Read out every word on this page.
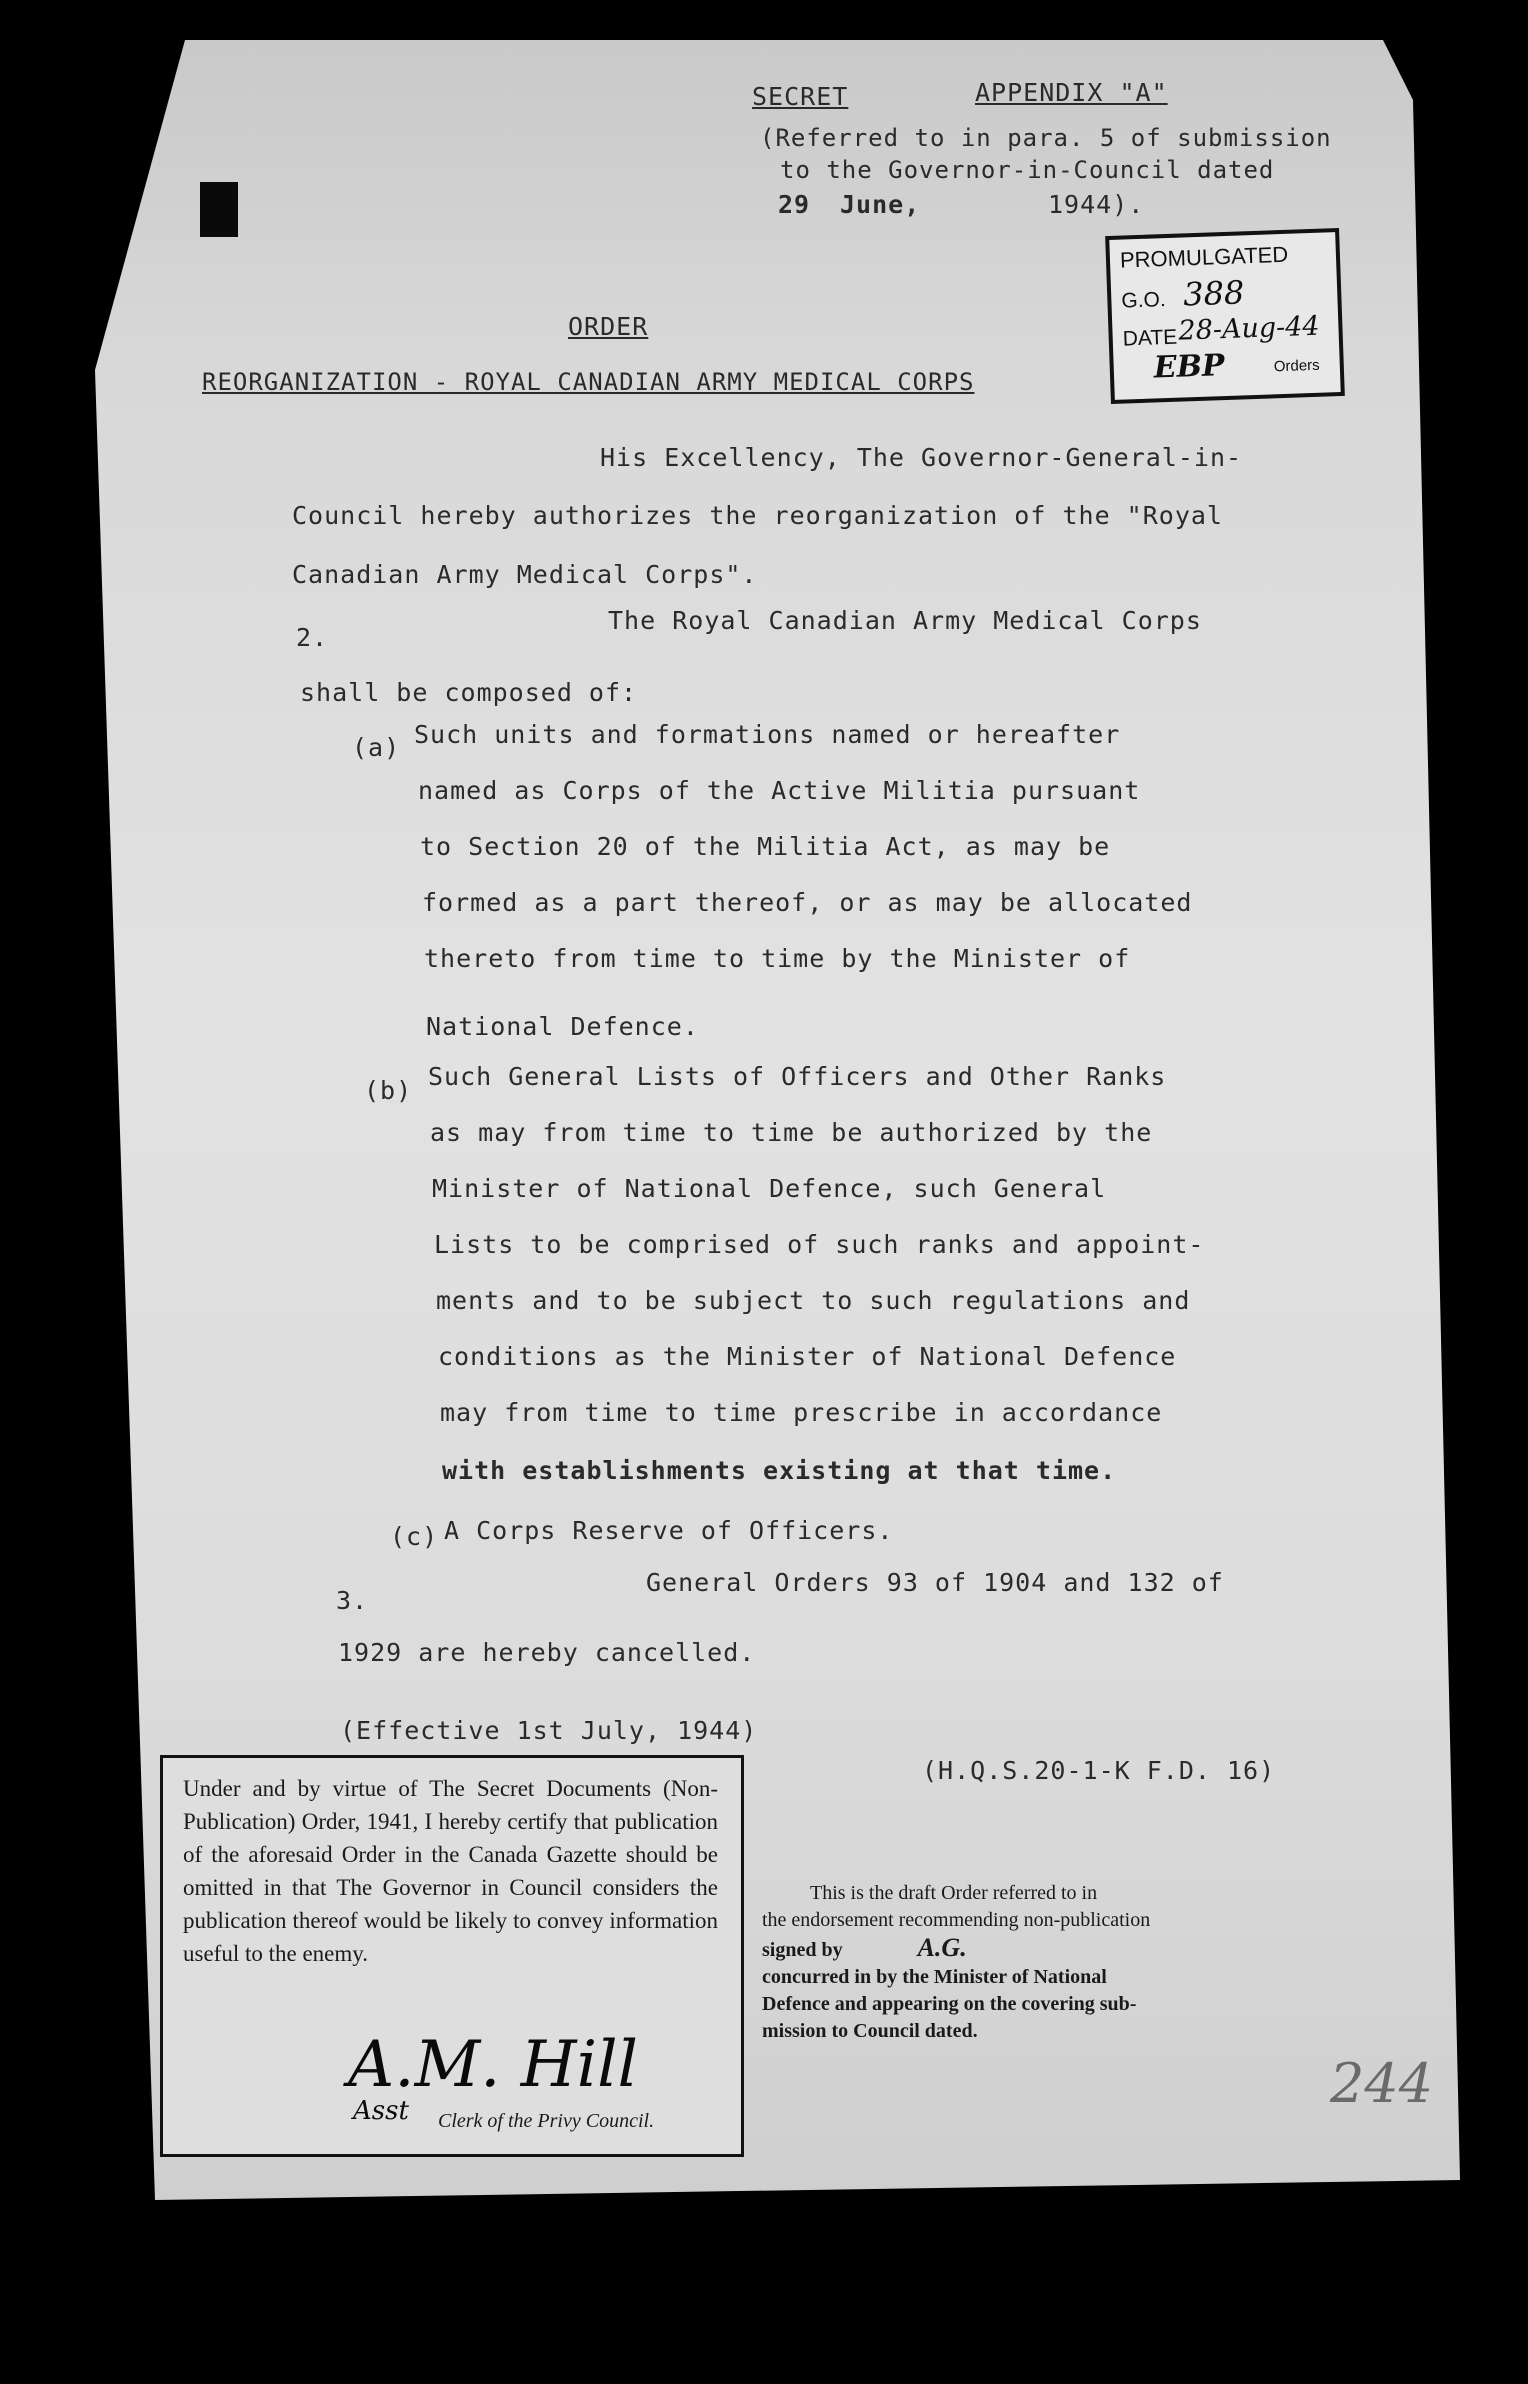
SECRET	APPENDIX "A"
(Referred to in para. 5 of submission
to the Governor-in-Council dated
29 June,	1944).
PROMULGATED
G.O. 388
DATE 28-Aug-44
EBP	Orders
ORDER
REORGANIZATION - ROYAL CANADIAN ARMY MEDICAL CORPS
His Excellency, The Governor-General-in-
Council hereby authorizes the reorganization of the "Royal
Canadian Army Medical Corps".
2.
The Royal Canadian Army Medical Corps
shall be composed of:
(a) Such units and formations named or hereafter
named as Corps of the Active Militia pursuant
to Section 20 of the Militia Act, as may be
formed as a part thereof, or as may be allocated
thereto from time to time by the Minister of
National Defence.
(b) Such General Lists of Officers and Other Ranks
as may from time to time be authorized by the
Minister of National Defence, such General
Lists to be comprised of such ranks and appoint-
ments and to be subject to such regulations and
conditions as the Minister of National Defence
may from time to time prescribe in accordance
with establishments existing at that time.
(c) A Corps Reserve of Officers.
3.
General Orders 93 of 1904 and 132 of
1929 are hereby cancelled.
(Effective 1st July, 1944)
(H.Q.S.20-1-K F.D. 16)
Under and by virtue of The Secret Documents (Non-Publication) Order, 1941, I hereby certify that publication of the aforesaid Order in the Canada Gazette should be omitted in that The Governor in Council considers the publication thereof would be likely to convey information useful to the enemy.
A.M. Hill
Asst Clerk of the Privy Council.
This is the draft Order referred to in
the endorsement recommending non-publication
signed by	A.G.
concurred in by the Minister of National
Defence and appearing on the covering sub-
mission to Council dated.
244
